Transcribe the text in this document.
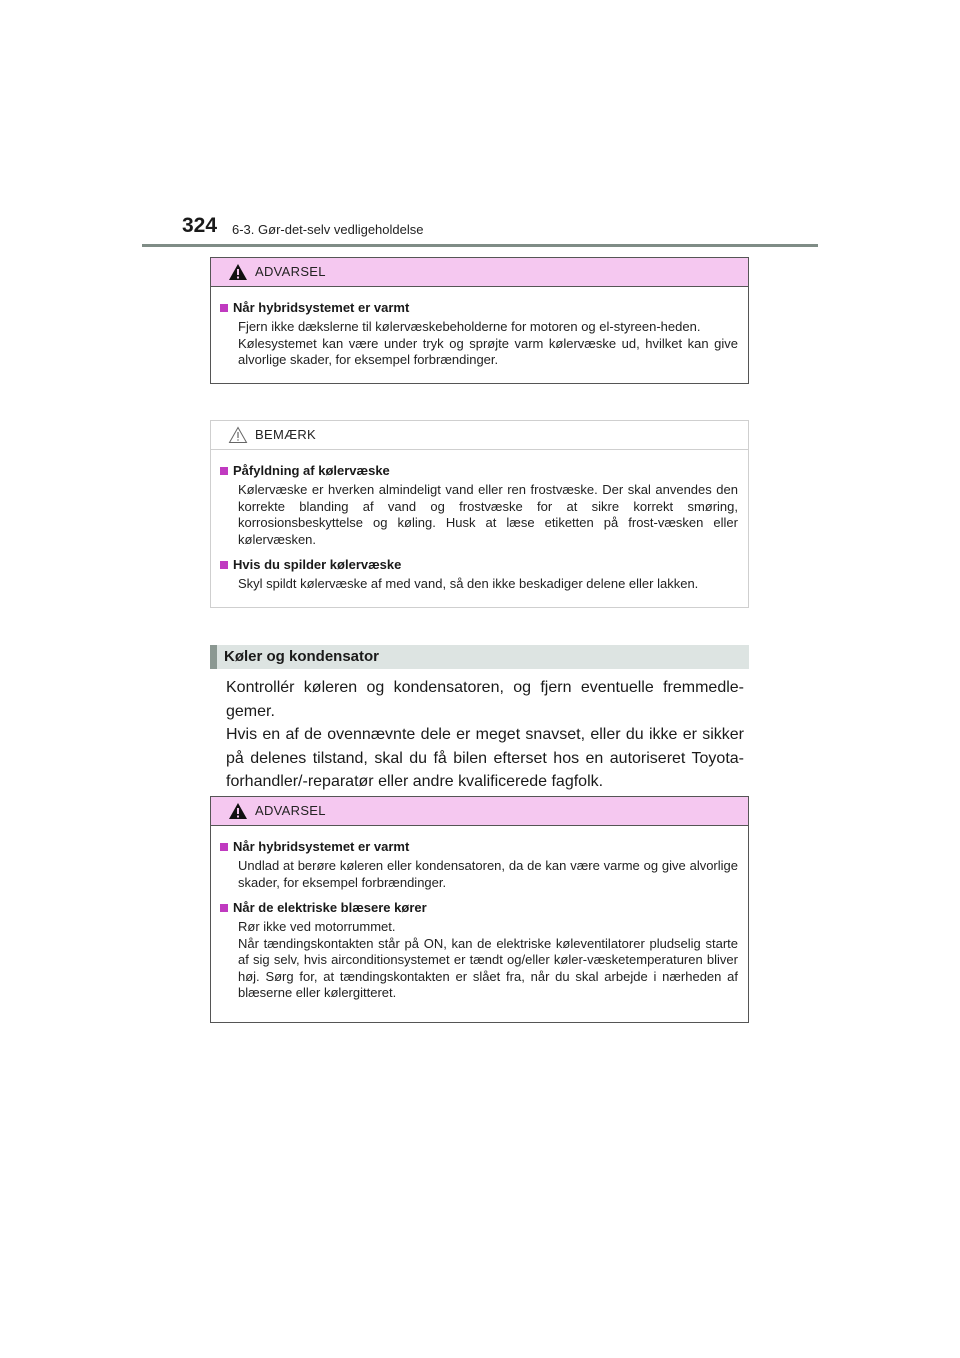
324 6-3. Gør-det-selv vedligeholdelse
ADVARSEL
Når hybridsystemet er varmt
Fjern ikke dækslerne til kølervæskebeholderne for motoren og el-styreen-heden.
Kølesystemet kan være under tryk og sprøjte varm kølervæske ud, hvilket kan give alvorlige skader, for eksempel forbrændinger.
BEMÆRK
Påfyldning af kølervæske
Kølervæske er hverken almindeligt vand eller ren frostvæske. Der skal anvendes den korrekte blanding af vand og frostvæske for at sikre korrekt smøring, korrosionsbeskyttelse og køling. Husk at læse etiketten på frost-væsken eller kølervæsken.
Hvis du spilder kølervæske
Skyl spildt kølervæske af med vand, så den ikke beskadiger delene eller lakken.
Køler og kondensator

Kontrollér køleren og kondensatoren, og fjern eventuelle fremmedle-gemer.

Hvis en af de ovennævnte dele er meget snavset, eller du ikke er sikker på delenes tilstand, skal du få bilen efterset hos en autoriseret Toyota-forhandler/-reparatør eller andre kvalificerede fagfolk.

ADVARSEL
Når hybridsystemet er varmt
Undlad at berøre køleren eller kondensatoren, da de kan være varme og give alvorlige skader, for eksempel forbrændinger.
Når de elektriske blæsere kører
Rør ikke ved motorrummet.
Når tændingskontakten står på ON, kan de elektriske køleventilatorer pludselig starte af sig selv, hvis airconditionsystemet er tændt og/eller køler-væsketemperaturen bliver høj. Sørg for, at tændingskontakten er slået fra, når du skal arbejde i nærheden af blæserne eller kølergitteret.
